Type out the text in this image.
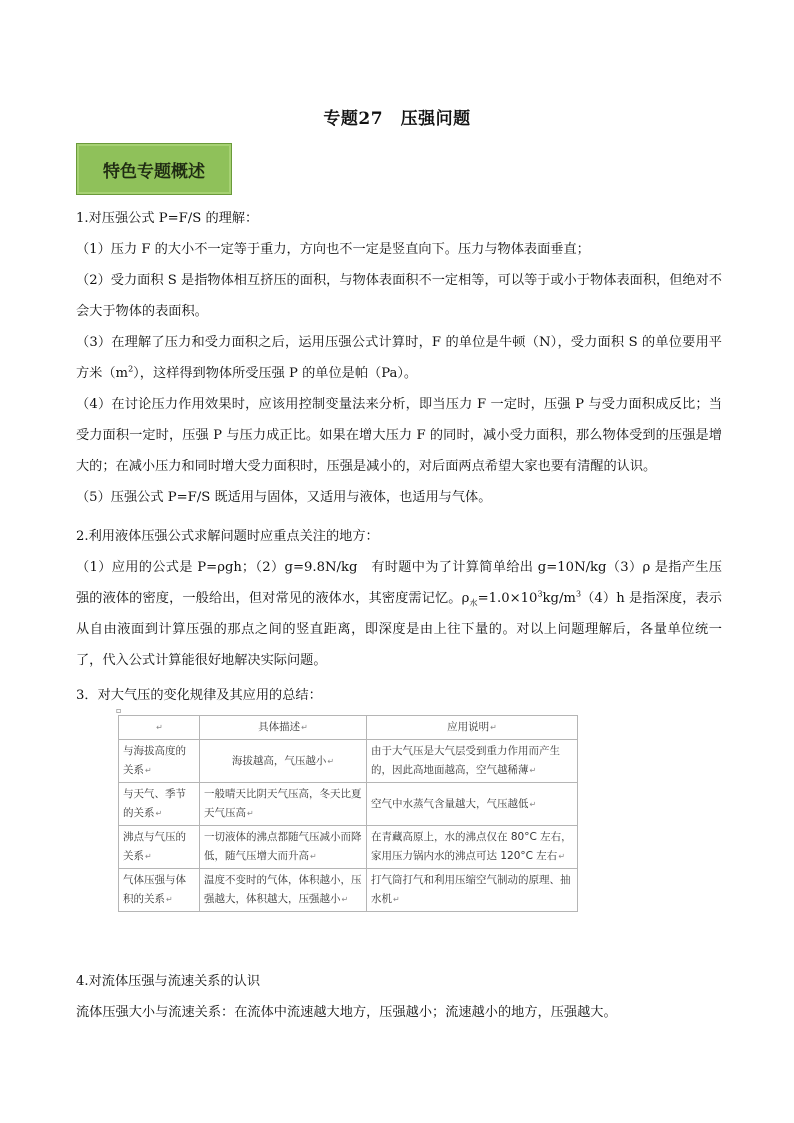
专题27　压强问题
特色专题概述

1.对压强公式 P=F/S 的理解：

（1）压力 F 的大小不一定等于重力，方向也不一定是竖直向下。压力与物体表面垂直；

（2）受力面积 S 是指物体相互挤压的面积，与物体表面积不一定相等，可以等于或小于物体表面积，但绝对不会大于物体的表面积。

（3）在理解了压力和受力面积之后，运用压强公式计算时，F 的单位是牛顿（N），受力面积 S 的单位要用平方米$(m^2)$，这样得到物体所受压强 P 的单位是帕（Pa）。

（4）在讨论压力作用效果时，应该用控制变量法来分析，即当压力 F 一定时，压强 P 与受力面积成反比；当受力面积一定时，压强 P 与压力成正比。如果在增大压力 F 的同时，减小受力面积，那么物体受到的压强是增大的；在减小压力和同时增大受力面积时，压强是减小的，对后面两点希望大家也要有清醒的认识。

（5）压强公式 P=F/S 既适用与固体，又适用与液体，也适用与气体。

2.利用液体压强公式求解问题时应重点关注的地方：

（1）应用的公式是 P=ρgh；（2）g=9.8N/kg　有时题中为了计算简单给出 g=10N/kg（3）ρ 是指产生压强的液体的密度，一般给出，但对常见的液体水，其密度需记忆。$\rho_水=1.0\times 10^3kg/m^3(4)h$ 是指深度，表示从自由液面到计算压强的那点之间的竖直距离，即深度是由上往下量的。对以上问题理解后，各量单位统一了，代入公式计算能很好地解决实际问题。

3．对大气压的变化规律及其应用的总结：

▫
↵	具体描述↵	应用说明↵
与海拔高度的关系↵	海拔越高，气压越小↵	由于大气压是大气层受到重力作用而产生的，因此高地面越高，空气越稀薄↵
与天气、季节的关系↵	一般晴天比阴天气压高，冬天比夏天气压高↵	空气中水蒸气含量越大，气压越低↵
沸点与气压的关系↵	一切液体的沸点都随气压减小而降低，随气压增大而升高↵	在青藏高原上，水的沸点仅在 80°C 左右，家用压力锅内水的沸点可达 120°C 左右↵
气体压强与体积的关系↵	温度不变时的气体，体积越小，压强越大，体积越大，压强越小↵	打气筒打气和利用压缩空气制动的原理、抽水机↵

4.对流体压强与流速关系的认识

流体压强大小与流速关系：在流体中流速越大地方，压强越小；流速越小的地方，压强越大。
